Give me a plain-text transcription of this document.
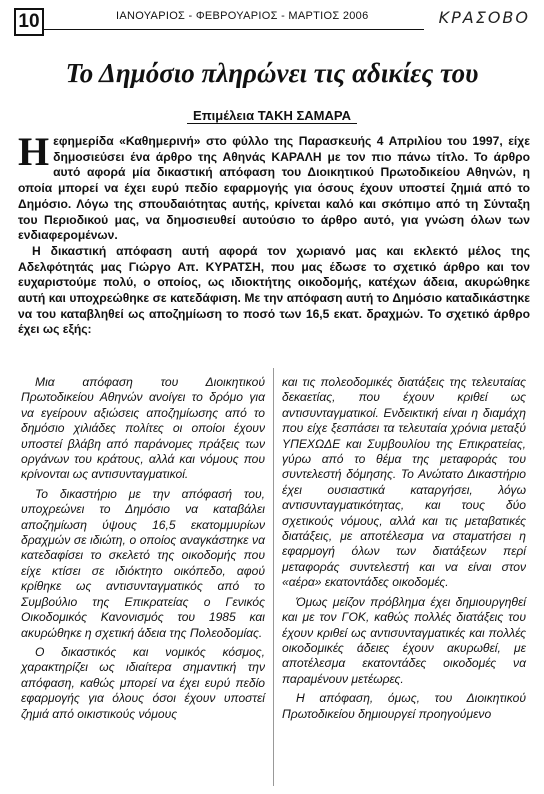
10	ΙΑΝΟΥΑΡΙΟΣ - ΦΕΒΡΟΥΑΡΙΟΣ - ΜΑΡΤΙΟΣ 2006	ΚΡΑΣΟΒΟ
Το Δημόσιο πληρώνει τις αδικίες του
Επιμέλεια ΤΑΚΗ ΣΑΜΑΡΑ

Ηεφημερίδα «Καθημερινή» στο φύλλο της Παρασκευής 4 Απριλίου του 1997, είχε δημοσιεύσει ένα άρθρο της Αθηνάς ΚΑΡΑΛΗ με τον πιο πάνω τίτλο. Το άρθρο αυτό αφορά μία δικαστική απόφαση του Διοικητικού Πρωτοδικείου Αθηνών, η οποία μπορεί να έχει ευρύ πεδίο εφαρμογής για όσους έχουν υποστεί ζημιά από το Δημόσιο. Λόγω της σπουδαιότητας αυτής, κρίνεται καλό και σκόπιμο από τη Σύνταξη του Περιοδικού μας, να δημοσιευθεί αυτούσιο το άρθρο αυτό, για γνώση όλων των ενδιαφερομένων.

Η δικαστική απόφαση αυτή αφορά τον χωριανό μας και εκλεκτό μέλος της Αδελφότητάς μας Γιώργο Απ. ΚΥΡΑΤΣΗ, που μας έδωσε το σχετικό άρθρο και τον ευχαριστούμε πολύ, ο οποίος, ως ιδιοκτήτης οικοδομής, κατέχων άδεια, ακυρώθηκε αυτή και υποχρεώθηκε σε κατεδάφιση. Με την απόφαση αυτή το Δημόσιο καταδικάστηκε να του καταβληθεί ως αποζημίωση το ποσό των 16,5 εκατ. δραχμών. Το σχετικό άρθρο έχει ως εξής:

Μια απόφαση του Διοικητικού Πρωτοδικείου Αθηνών ανοίγει το δρόμο για να εγείρουν αξιώσεις αποζημίωσης από το δημόσιο χιλιάδες πολίτες οι οποίοι έχουν υποστεί βλάβη από παράνομες πράξεις των οργάνων του κράτους, αλλά και νόμους που κρίνονται ως αντισυνταγματικοί.

Το δικαστήριο με την απόφασή του, υποχρεώνει το Δημόσιο να καταβάλει αποζημίωση ύψους 16,5 εκατομμυρίων δραχμών σε ιδιώτη, ο οποίος αναγκάστηκε να κατεδαφίσει το σκελετό της οικοδομής που είχε κτίσει σε ιδιόκτητο οικόπεδο, αφού κρίθηκε ως αντισυνταγματικός από το Συμβούλιο της Επικρατείας ο Γενικός Οικοδομικός Κανονισμός του 1985 και ακυρώθηκε η σχετική άδεια της Πολεοδομίας.

Ο δικαστικός και νομικός κόσμος, χαρακτηρίζει ως ιδιαίτερα σημαντική την απόφαση, καθώς μπορεί να έχει ευρύ πεδίο εφαρμογής για όλους όσοι έχουν υποστεί ζημιά από οικιστικούς νόμους

και τις πολεοδομικές διατάξεις της τελευταίας δεκαετίας, που έχουν κριθεί ως αντισυνταγματικοί. Ενδεικτική είναι η διαμάχη που είχε ξεσπάσει τα τελευταία χρόνια μεταξύ ΥΠΕΧΩΔΕ και Συμβουλίου της Επικρατείας, γύρω από το θέμα της μεταφοράς του συντελεστή δόμησης. Το Ανώτατο Δικαστήριο έχει ουσιαστικά καταργήσει, λόγω αντισυνταγματικότητας, και τους δύο σχετικούς νόμους, αλλά και τις μεταβατικές διατάξεις, με αποτέλεσμα να σταματήσει η εφαρμογή όλων των διατάξεων περί μεταφοράς συντελεστή και να είναι στον «αέρα» εκατοντάδες οικοδομές.

Όμως μείζον πρόβλημα έχει δημιουργηθεί και με τον ΓΟΚ, καθώς πολλές διατάξεις του έχουν κριθεί ως αντισυνταγματικές και πολλές οικοδομικές άδειες έχουν ακυρωθεί, με αποτέλεσμα εκατοντάδες οικοδομές να παραμένουν μετέωρες.

Η απόφαση, όμως, του Διοικητικού Πρωτοδικείου δημιουργεί προηγούμενο
